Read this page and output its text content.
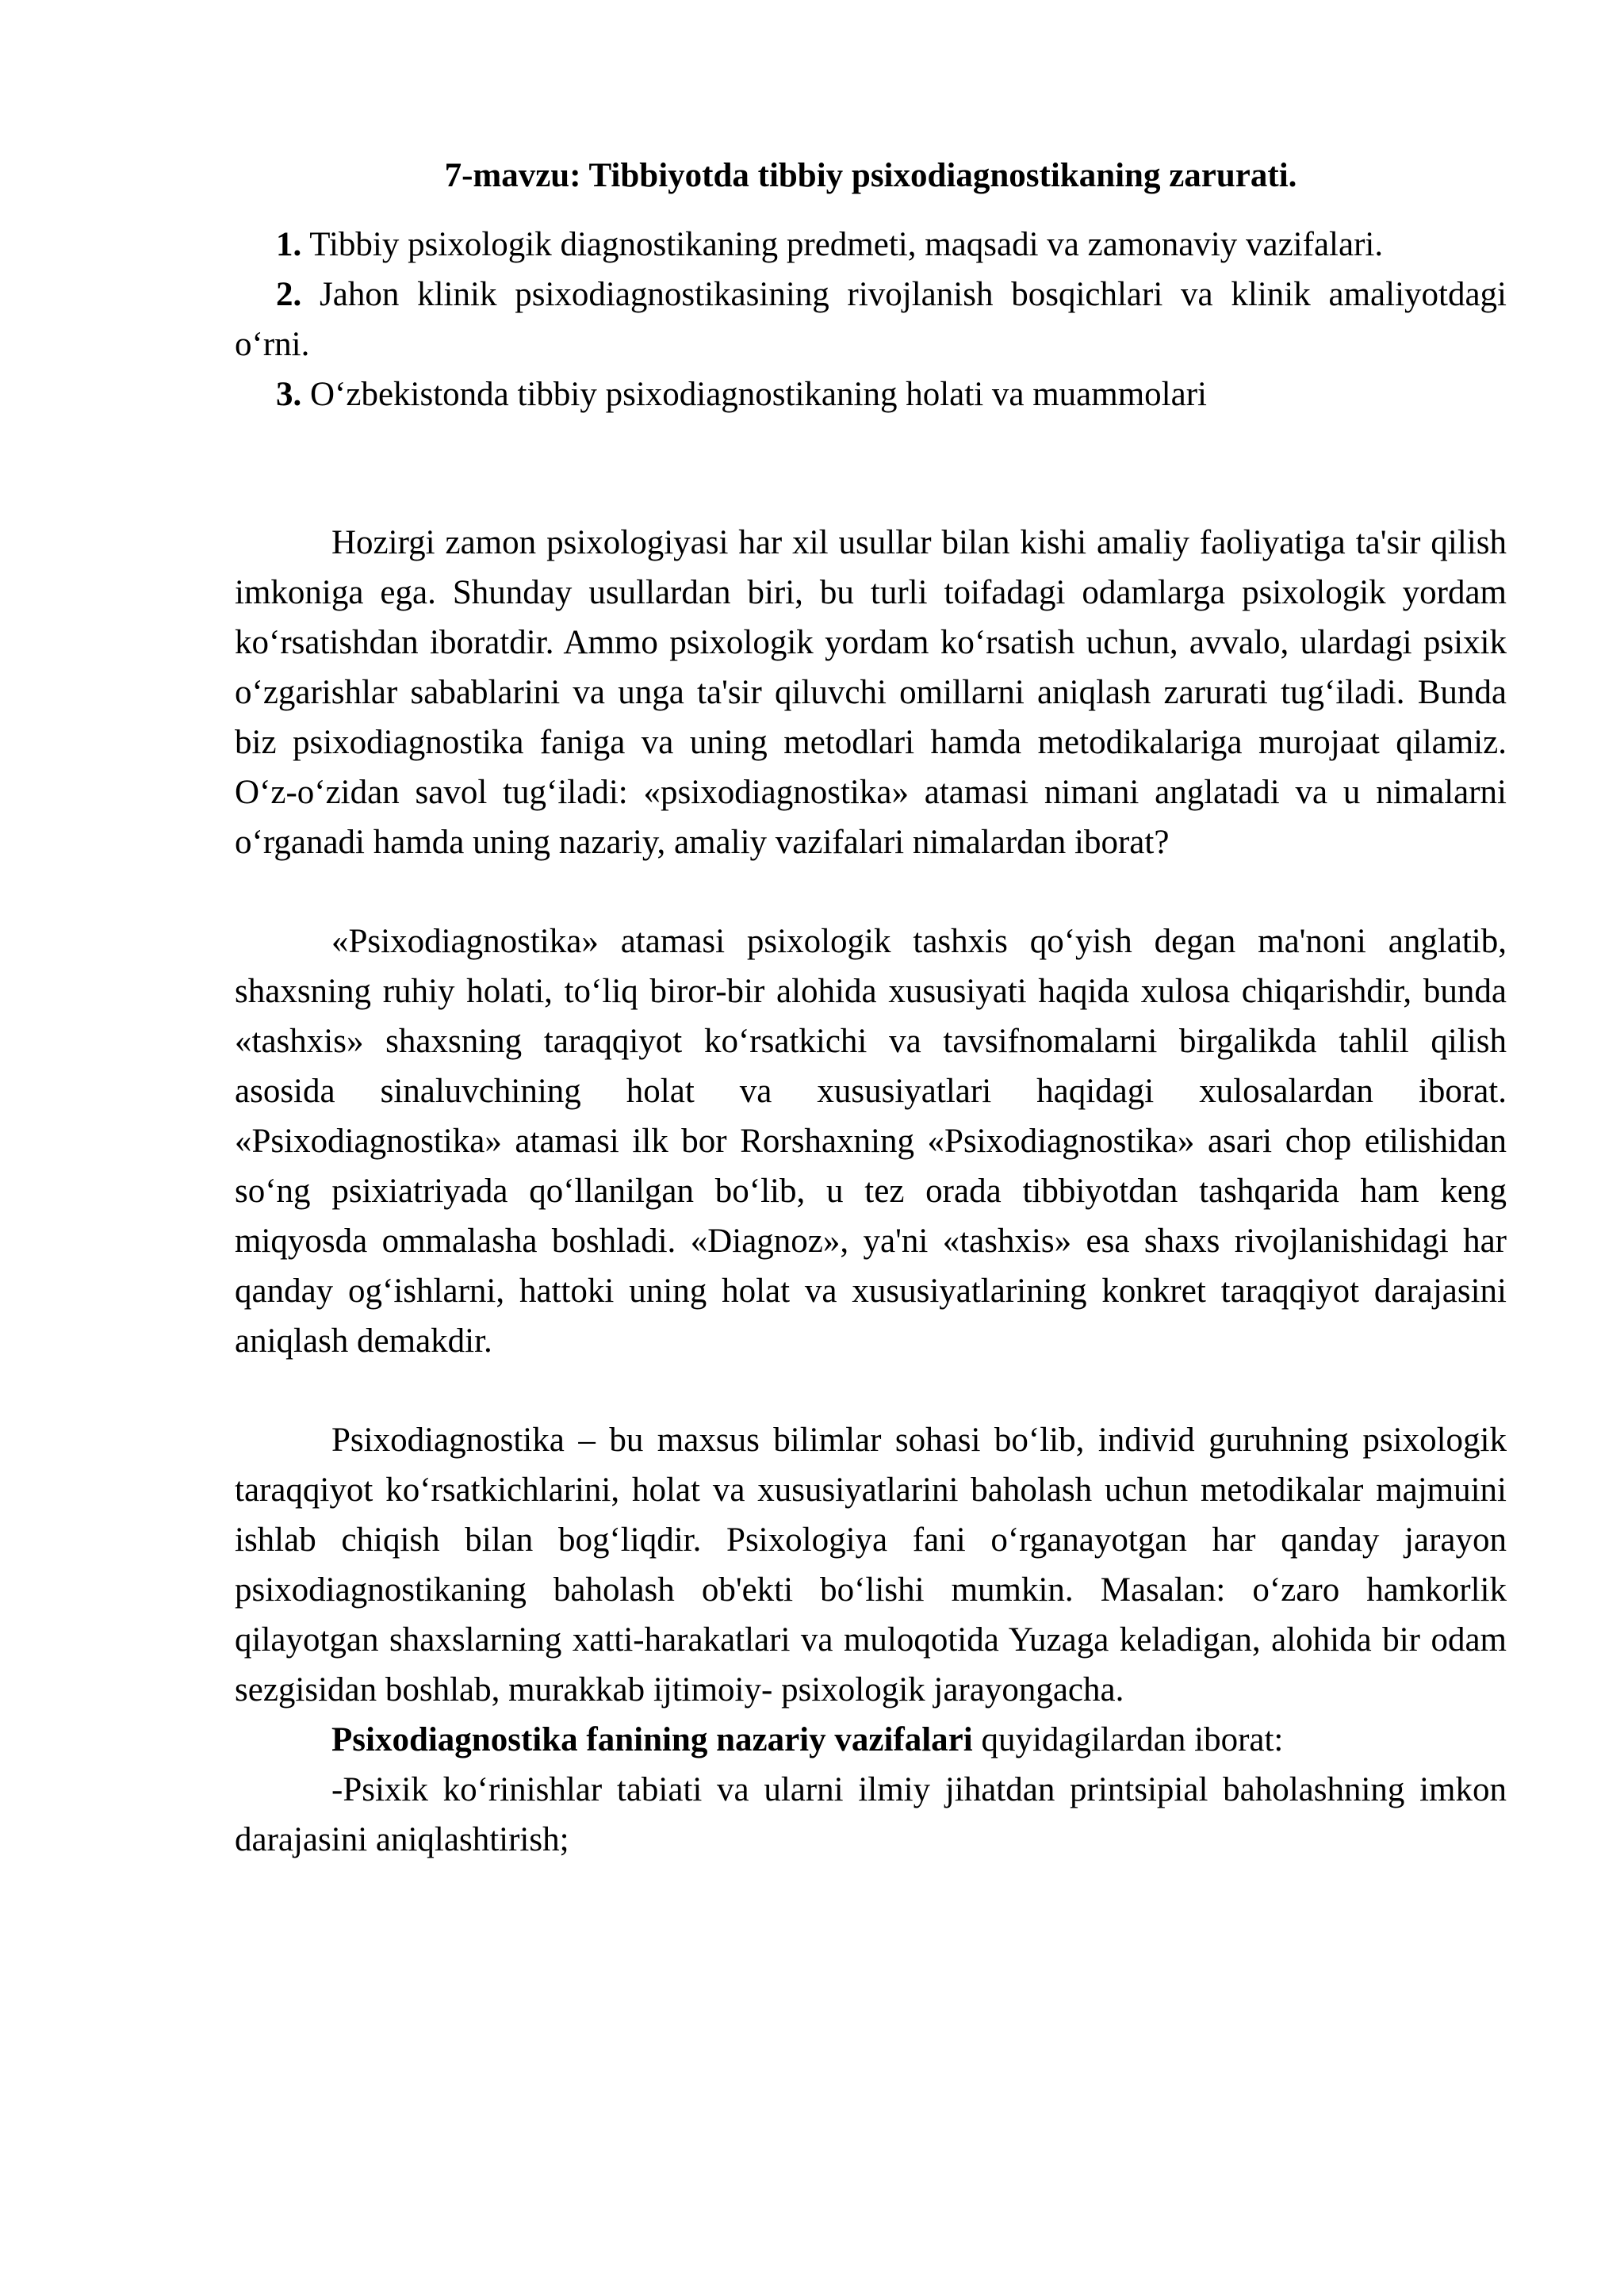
7-mavzu: Tibbiyotda tibbiy psixodiagnostikaning zarurati.
1. Tibbiy psixologik diagnostikaning predmeti, maqsadi va zamonaviy vazifalari.
2. Jahon klinik psixodiagnostikasining rivojlanish bosqichlari va klinik amaliyotdagi o‘rni.
3. O‘zbekistonda tibbiy psixodiagnostikaning holati va muammolari

Hozirgi zamon psixologiyasi har xil usullar bilan kishi amaliy faoliyatiga ta'sir qilish imkoniga ega. Shunday usullardan biri, bu turli toifadagi odamlarga psixologik yordam ko‘rsatishdan iboratdir. Ammo psixologik yordam ko‘rsatish uchun, avvalo, ulardagi psixik o‘zgarishlar sabablarini va unga ta'sir qiluvchi omillarni aniqlash zarurati tug‘iladi. Bunda biz psixodiagnostika faniga va uning metodlari hamda metodikalariga murojaat qilamiz. O‘z-o‘zidan savol tug‘iladi: «psixodiagnostika» atamasi nimani anglatadi va u nimalarni o‘rganadi hamda uning nazariy, amaliy vazifalari nimalardan iborat?

«Psixodiagnostika» atamasi psixologik tashxis qo‘yish degan ma'noni anglatib, shaxsning ruhiy holati, to‘liq biror-bir alohida xususiyati haqida xulosa chiqarishdir, bunda «tashxis» shaxsning taraqqiyot ko‘rsatkichi va tavsifnomalarni birgalikda tahlil qilish asosida sinaluvchining holat va xususiyatlari haqidagi xulosalardan iborat. «Psixodiagnostika» atamasi ilk bor Rorshaxning «Psixodiagnostika» asari chop etilishidan so‘ng psixiatriyada qo‘llanilgan bo‘lib, u tez orada tibbiyotdan tashqarida ham keng miqyosda ommalasha boshladi. «Diagnoz», ya'ni «tashxis» esa shaxs rivojlanishidagi har qanday og‘ishlarni, hattoki uning holat va xususiyatlarining konkret taraqqiyot darajasini aniqlash demakdir.

Psixodiagnostika – bu maxsus bilimlar sohasi bo‘lib, individ guruhning psixologik taraqqiyot ko‘rsatkichlarini, holat va xususiyatlarini baholash uchun metodikalar majmuini ishlab chiqish bilan bog‘liqdir. Psixologiya fani o‘rganayotgan har qanday jarayon psixodiagnostikaning baholash ob'ekti bo‘lishi mumkin. Masalan: o‘zaro hamkorlik qilayotgan shaxslarning xatti-harakatlari va muloqotida Yuzaga keladigan, alohida bir odam sezgisidan boshlab, murakkab ijtimoiy- psixologik jarayongacha.

Psixodiagnostika fanining nazariy vazifalari quyidagilardan iborat:

-Psixik ko‘rinishlar tabiati va ularni ilmiy jihatdan printsipial baholashning imkon darajasini aniqlashtirish;
